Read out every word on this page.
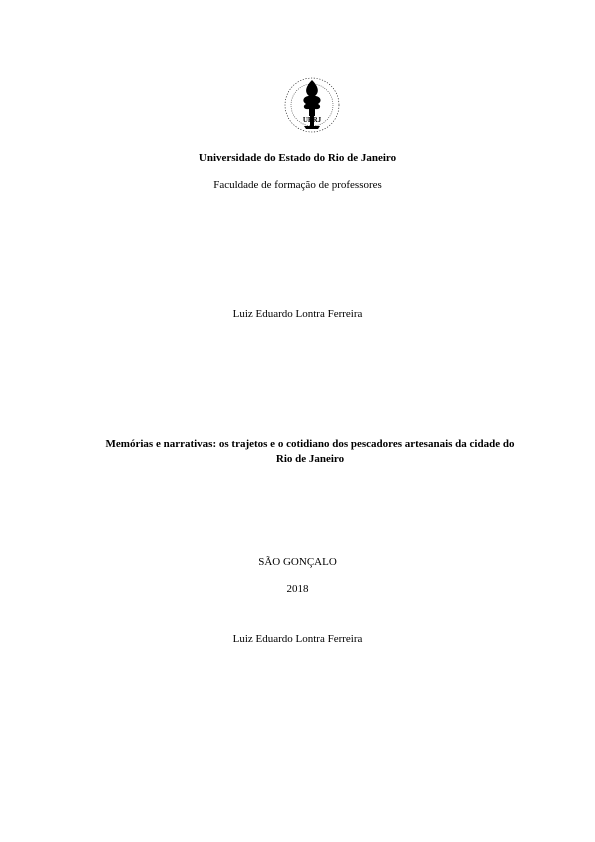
UERJ
Universidade do Estado do Rio de Janeiro
Faculdade de formação de professores
Luiz Eduardo Lontra Ferreira
Memórias e narrativas: os trajetos e o cotidiano dos pescadores artesanais da cidade do
Rio de Janeiro
SÃO GONÇALO
2018
Luiz Eduardo Lontra Ferreira
